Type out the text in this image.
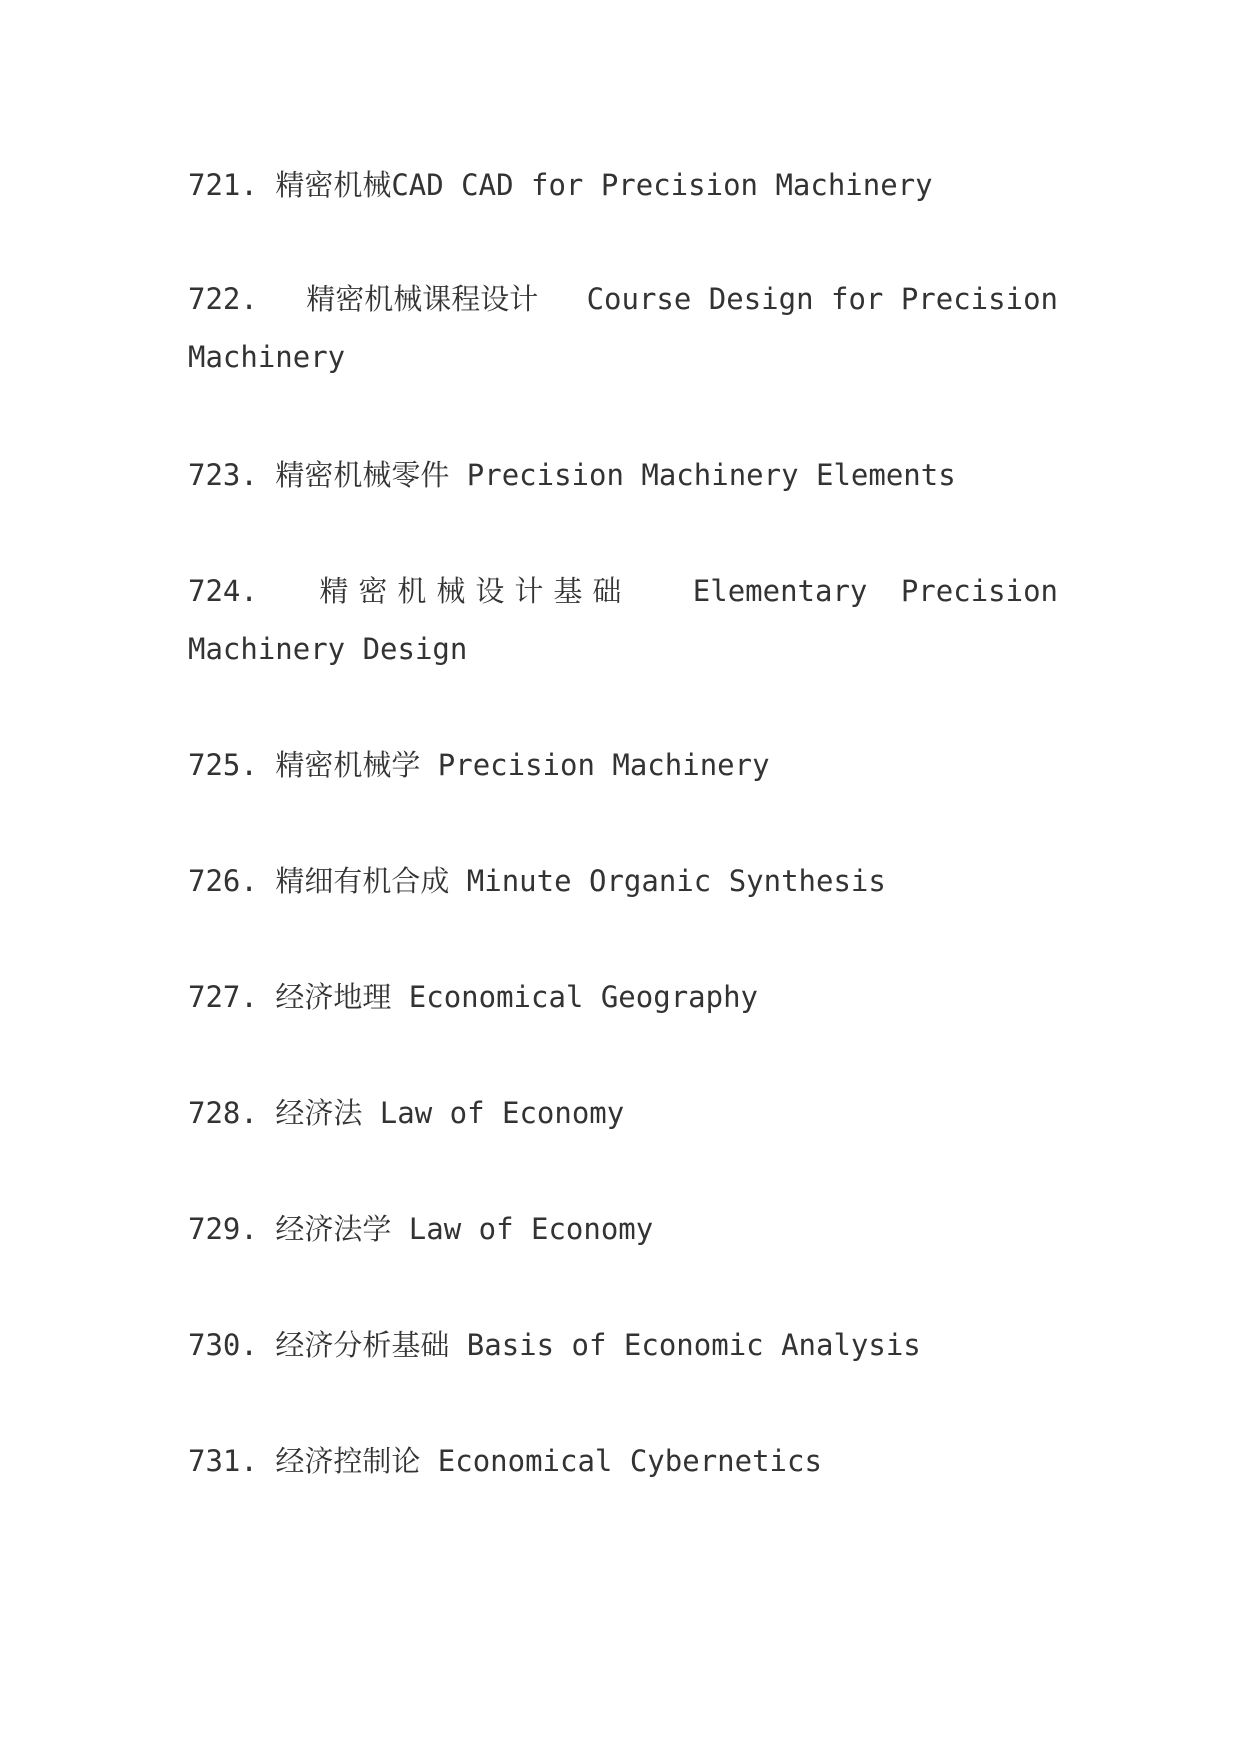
721. 精密机械CAD CAD for Precision Machinery
722. 精密机械课程设计 Course Design for Precision
Machinery
723. 精密机械零件 Precision Machinery Elements
724. 精密机械设计基础 Elementary Precision
Machinery Design
725. 精密机械学 Precision Machinery
726. 精细有机合成 Minute Organic Synthesis
727. 经济地理 Economical Geography
728. 经济法 Law of Economy
729. 经济法学 Law of Economy
730. 经济分析基础 Basis of Economic Analysis
731. 经济控制论 Economical Cybernetics
